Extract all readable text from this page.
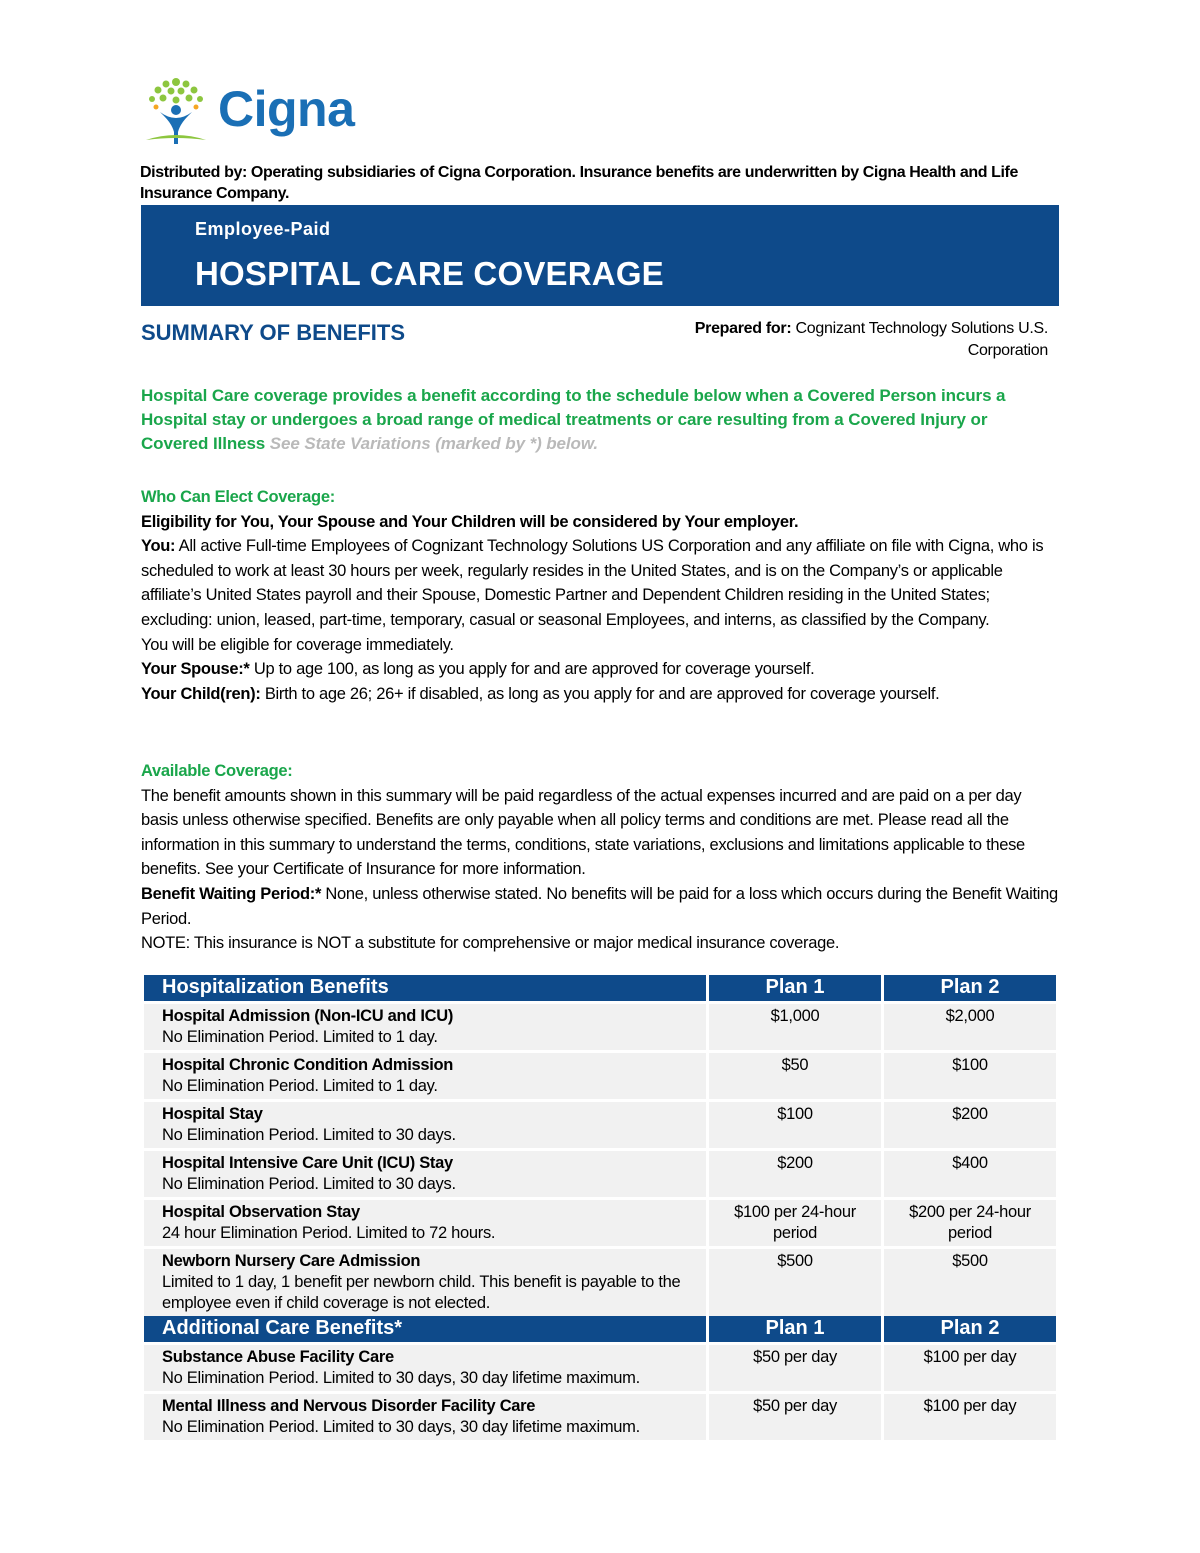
Cigna
Distributed by: Operating subsidiaries of Cigna Corporation. Insurance benefits are underwritten by Cigna Health and Life Insurance Company.
Employee-Paid
HOSPITAL CARE COVERAGE
SUMMARY OF BENEFITS	Prepared for: Cognizant Technology Solutions U.S. Corporation
Hospital Care coverage provides a benefit according to the schedule below when a Covered Person incurs a Hospital stay or undergoes a broad range of medical treatments or care resulting from a Covered Injury or Covered Illness See State Variations (marked by *) below.
Who Can Elect Coverage:
Eligibility for You, Your Spouse and Your Children will be considered by Your employer.
You: All active Full-time Employees of Cognizant Technology Solutions US Corporation and any affiliate on file with Cigna, who is scheduled to work at least 30 hours per week, regularly resides in the United States, and is on the Company’s or applicable affiliate’s United States payroll and their Spouse, Domestic Partner and Dependent Children residing in the United States; excluding: union, leased, part-time, temporary, casual or seasonal Employees, and interns, as classified by the Company.
You will be eligible for coverage immediately.
Your Spouse:* Up to age 100, as long as you apply for and are approved for coverage yourself.
Your Child(ren): Birth to age 26; 26+ if disabled, as long as you apply for and are approved for coverage yourself.
Available Coverage:
The benefit amounts shown in this summary will be paid regardless of the actual expenses incurred and are paid on a per day basis unless otherwise specified. Benefits are only payable when all policy terms and conditions are met. Please read all the information in this summary to understand the terms, conditions, state variations, exclusions and limitations applicable to these benefits. See your Certificate of Insurance for more information.
Benefit Waiting Period:* None, unless otherwise stated. No benefits will be paid for a loss which occurs during the Benefit Waiting Period.
NOTE: This insurance is NOT a substitute for comprehensive or major medical insurance coverage.
Hospitalization Benefits	Plan 1	Plan 2

Hospital Admission (Non-ICU and ICU)
No Elimination Period. Limited to 1 day.	$1,000	$2,000

Hospital Chronic Condition Admission
No Elimination Period. Limited to 1 day.	$50	$100

Hospital Stay
No Elimination Period. Limited to 30 days.	$100	$200

Hospital Intensive Care Unit (ICU) Stay
No Elimination Period. Limited to 30 days.	$200	$400

Hospital Observation Stay
24 hour Elimination Period. Limited to 72 hours.	$100 per 24-hour period	$200 per 24-hour period

Newborn Nursery Care Admission
Limited to 1 day, 1 benefit per newborn child. This benefit is payable to the employee even if child coverage is not elected.	$500	$500
Additional Care Benefits*	Plan 1	Plan 2

Substance Abuse Facility Care
No Elimination Period. Limited to 30 days, 30 day lifetime maximum.	$50 per day	$100 per day

Mental Illness and Nervous Disorder Facility Care
No Elimination Period. Limited to 30 days, 30 day lifetime maximum.	$50 per day	$100 per day
